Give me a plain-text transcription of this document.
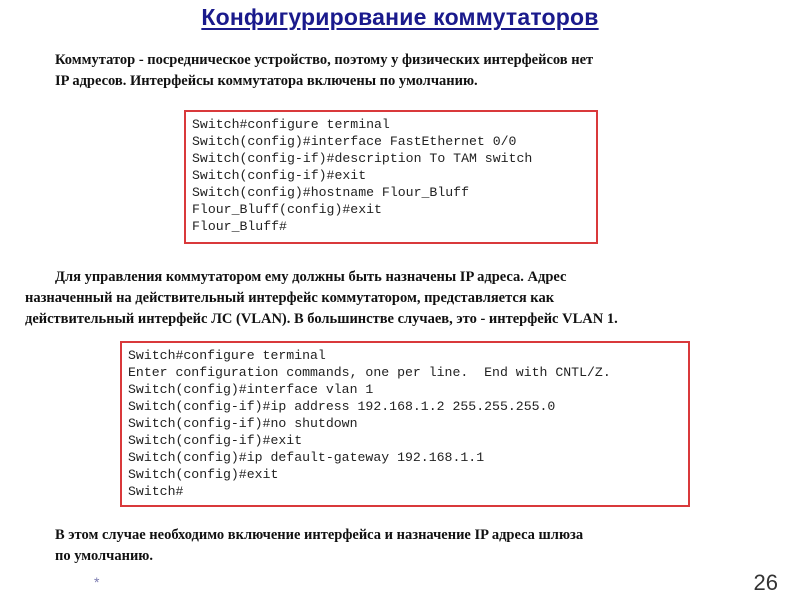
Конфигурирование коммутаторов
Коммутатор - посредническое устройство, поэтому у физических интерфейсов нет
IP адресов. Интерфейсы коммутатора включены по умолчанию.
Switch#configure terminal
Switch(config)#interface FastEthernet 0/0
Switch(config-if)#description To TAM switch
Switch(config-if)#exit
Switch(config)#hostname Flour_Bluff
Flour_Bluff(config)#exit
Flour_Bluff#
Для управления коммутатором ему должны быть назначены IP адреса. Адрес
назначенный на действительный интерфейс коммутатором, представляется как
действительный интерфейс ЛС (VLAN). В большинстве случаев, это - интерфейс VLAN 1.
Switch#configure terminal
Enter configuration commands, one per line.  End with CNTL/Z.
Switch(config)#interface vlan 1
Switch(config-if)#ip address 192.168.1.2 255.255.255.0
Switch(config-if)#no shutdown
Switch(config-if)#exit
Switch(config)#ip default-gateway 192.168.1.1
Switch(config)#exit
Switch#
В этом случае необходимо включение интерфейса и назначение IP адреса шлюза
по умолчанию.
*	26
